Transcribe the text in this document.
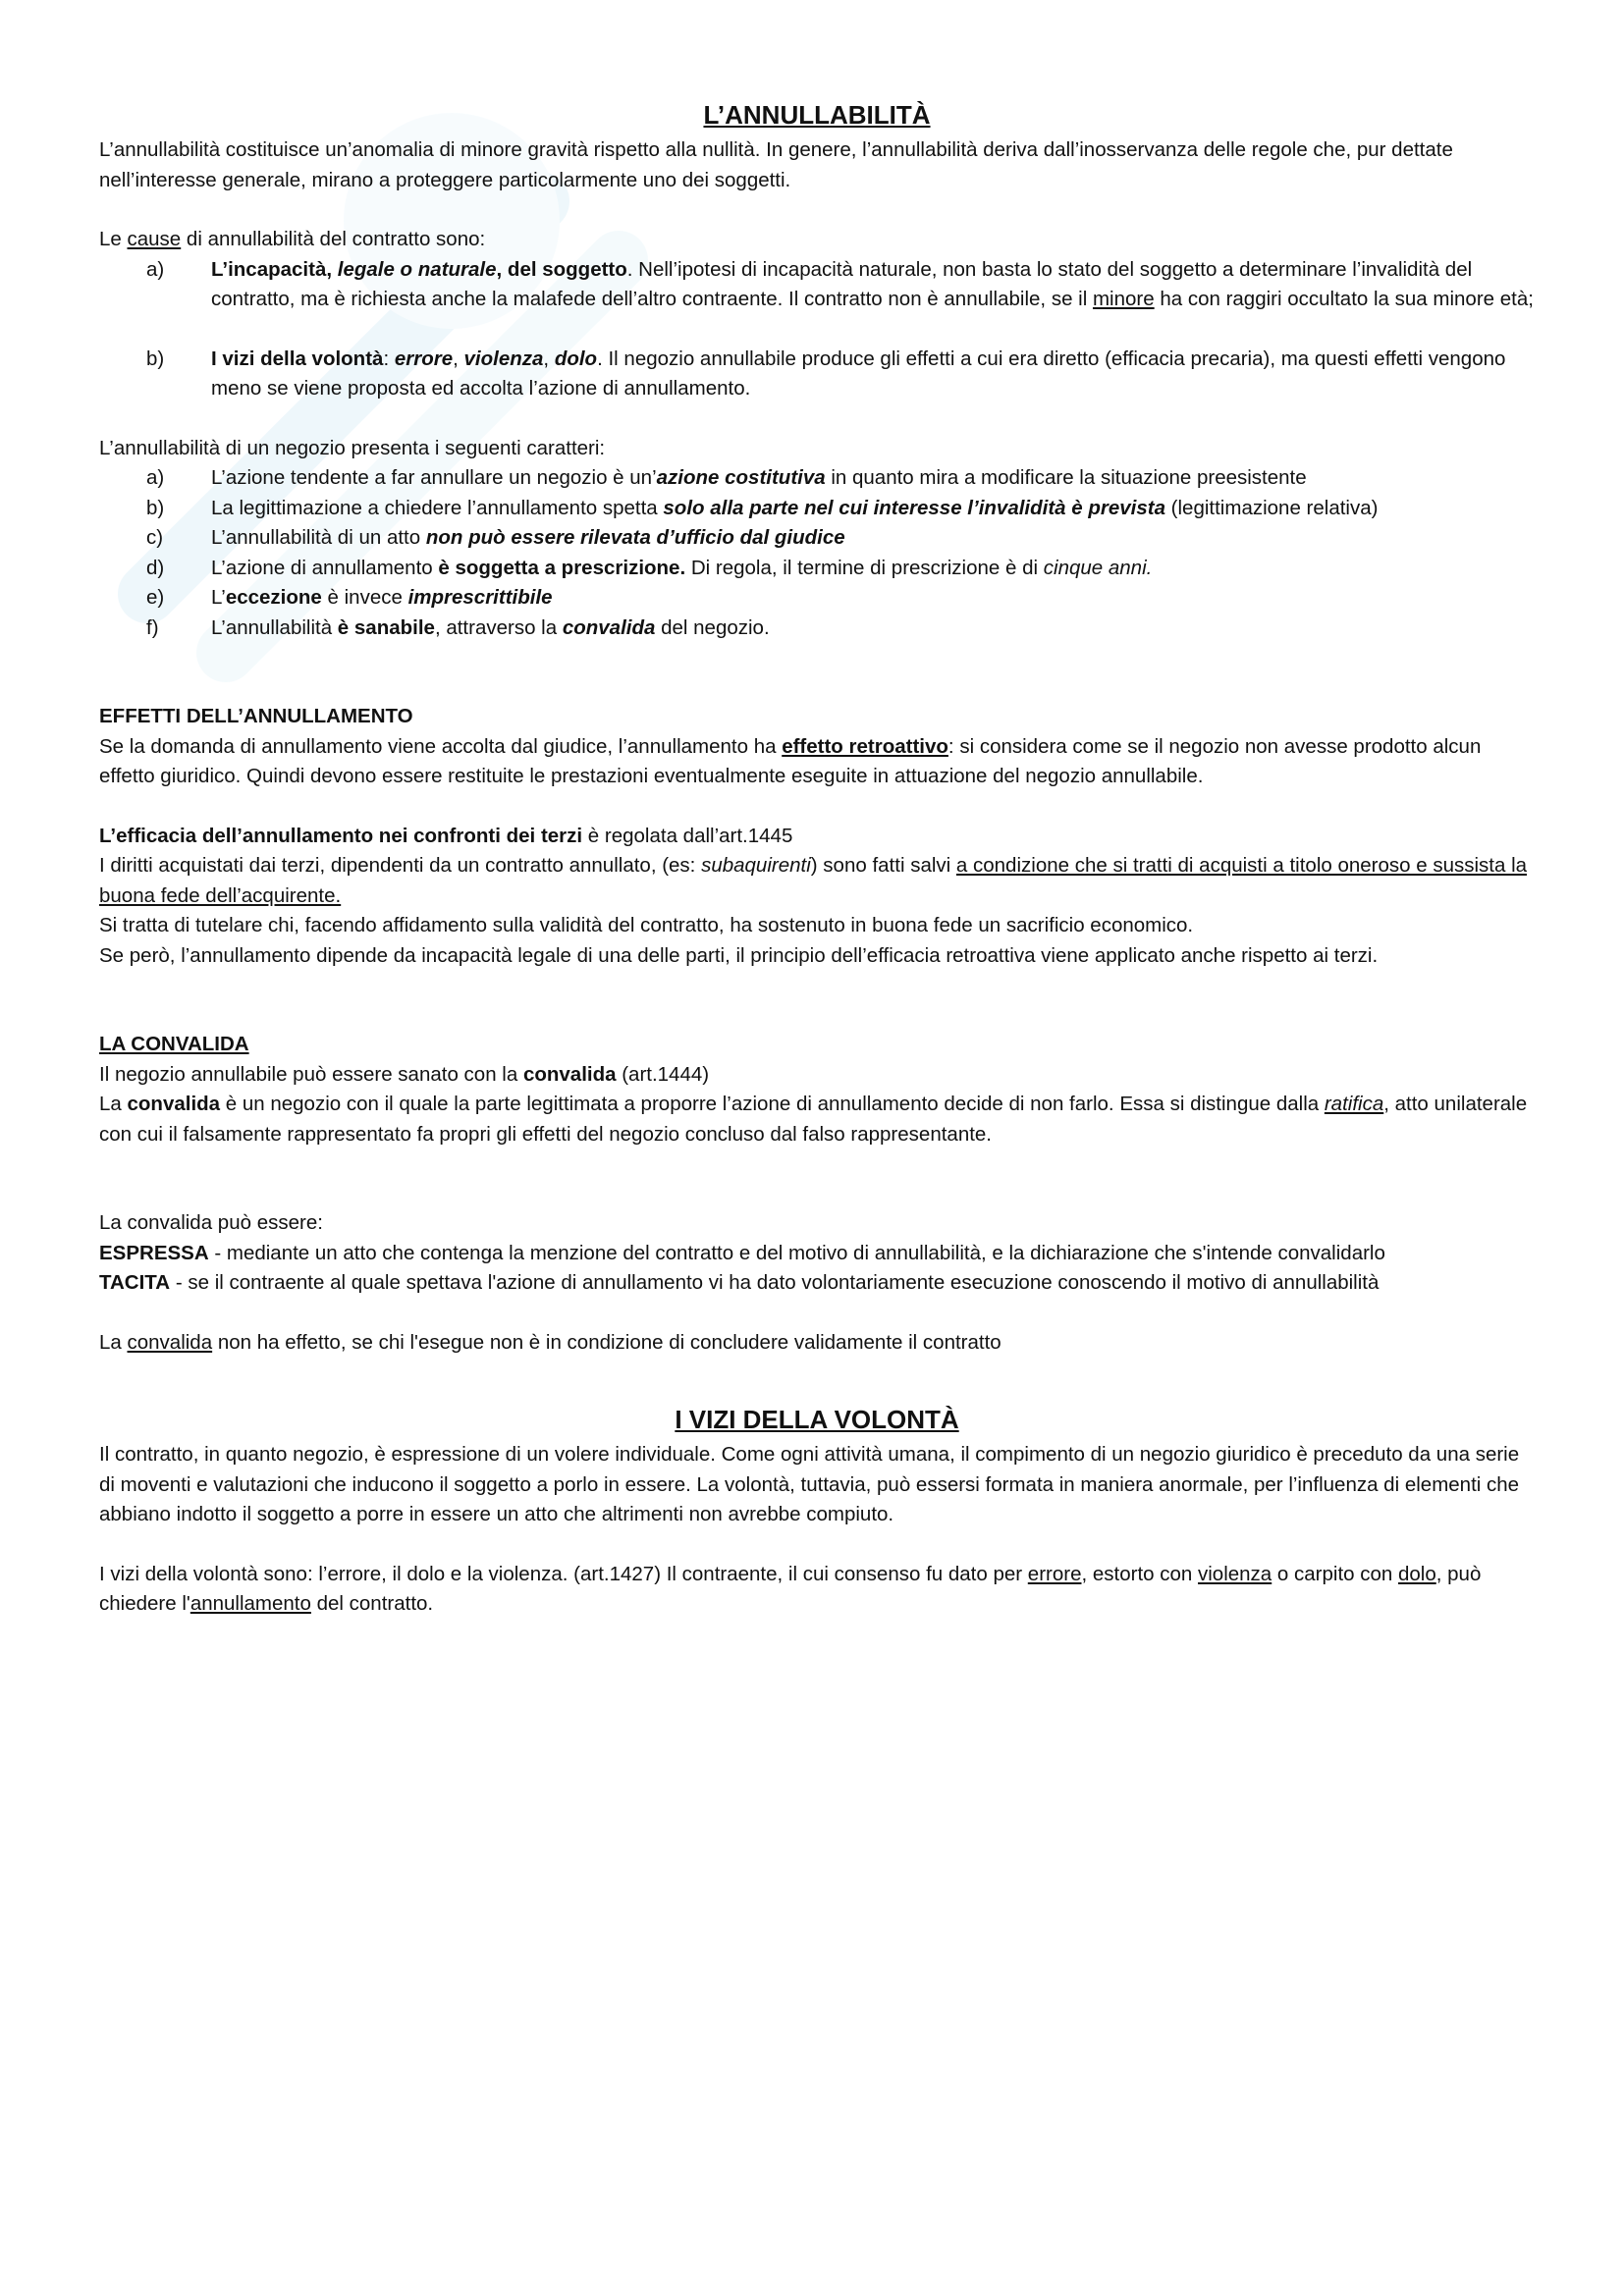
L’ANNULLABILITÀ

L’annullabilità costituisce un’anomalia di minore gravità rispetto alla nullità. In genere, l’annullabilità deriva dall’inosservanza delle regole che, pur dettate nell’interesse generale, mirano a proteggere particolarmente uno dei soggetti.

Le cause di annullabilità del contratto sono:

a)	L’incapacità, legale o naturale, del soggetto. Nell’ipotesi di incapacità naturale, non basta lo stato del soggetto a determinare l’invalidità del contratto, ma è richiesta anche la malafede dell’altro contraente. Il contratto non è annullabile, se il minore ha con raggiri occultato la sua minore età;
b)	I vizi della volontà: errore, violenza, dolo. Il negozio annullabile produce gli effetti a cui era diretto (efficacia precaria), ma questi effetti vengono meno se viene proposta ed accolta l’azione di annullamento.

L’annullabilità di un negozio presenta i seguenti caratteri:

a)	L’azione tendente a far annullare un negozio è un’azione costitutiva in quanto mira a modificare la situazione preesistente
b)	La legittimazione a chiedere l’annullamento spetta solo alla parte nel cui interesse l’invalidità è prevista (legittimazione relativa)
c)	L’annullabilità di un atto non può essere rilevata d’ufficio dal giudice
d)	L’azione di annullamento è soggetta a prescrizione. Di regola, il termine di prescrizione è di cinque anni.
e)	L’eccezione è invece imprescrittibile
f)	L’annullabilità è sanabile, attraverso la convalida del negozio.

EFFETTI DELL’ANNULLAMENTO

Se la domanda di annullamento viene accolta dal giudice, l’annullamento ha effetto retroattivo: si considera come se il negozio non avesse prodotto alcun effetto giuridico. Quindi devono essere restituite le prestazioni eventualmente eseguite in attuazione del negozio annullabile.

L’efficacia dell’annullamento nei confronti dei terzi è regolata dall’art.1445

I diritti acquistati dai terzi, dipendenti da un contratto annullato, (es: subaquirenti) sono fatti salvi a condizione che si tratti di acquisti a titolo oneroso e sussista la buona fede dell’acquirente.

Si tratta di tutelare chi, facendo affidamento sulla validità del contratto, ha sostenuto in buona fede un sacrificio economico.

Se però, l’annullamento dipende da incapacità legale di una delle parti, il principio dell’efficacia retroattiva viene applicato anche rispetto ai terzi.

LA CONVALIDA

Il negozio annullabile può essere sanato con la convalida (art.1444)

La convalida è un negozio con il quale la parte legittimata a proporre l’azione di annullamento decide di non farlo. Essa si distingue dalla ratifica, atto unilaterale con cui il falsamente rappresentato fa propri gli effetti del negozio concluso dal falso rappresentante.

La convalida può essere:

ESPRESSA - mediante un atto che contenga la menzione del contratto e del motivo di annullabilità, e la dichiarazione che s'intende convalidarlo

TACITA - se il contraente al quale spettava l'azione di annullamento vi ha dato volontariamente esecuzione conoscendo il motivo di annullabilità

La convalida non ha effetto, se chi l'esegue non è in condizione di concludere validamente il contratto

I VIZI DELLA VOLONTÀ

Il contratto, in quanto negozio, è espressione di un volere individuale. Come ogni attività umana, il compimento di un negozio giuridico è preceduto da una serie di moventi e valutazioni che inducono il soggetto a porlo in essere. La volontà, tuttavia, può essersi formata in maniera anormale, per l’influenza di elementi che abbiano indotto il soggetto a porre in essere un atto che altrimenti non avrebbe compiuto.

I vizi della volontà sono: l’errore, il dolo e la violenza. (art.1427) Il contraente, il cui consenso fu dato per errore, estorto con violenza o carpito con dolo, può chiedere l'annullamento del contratto.
